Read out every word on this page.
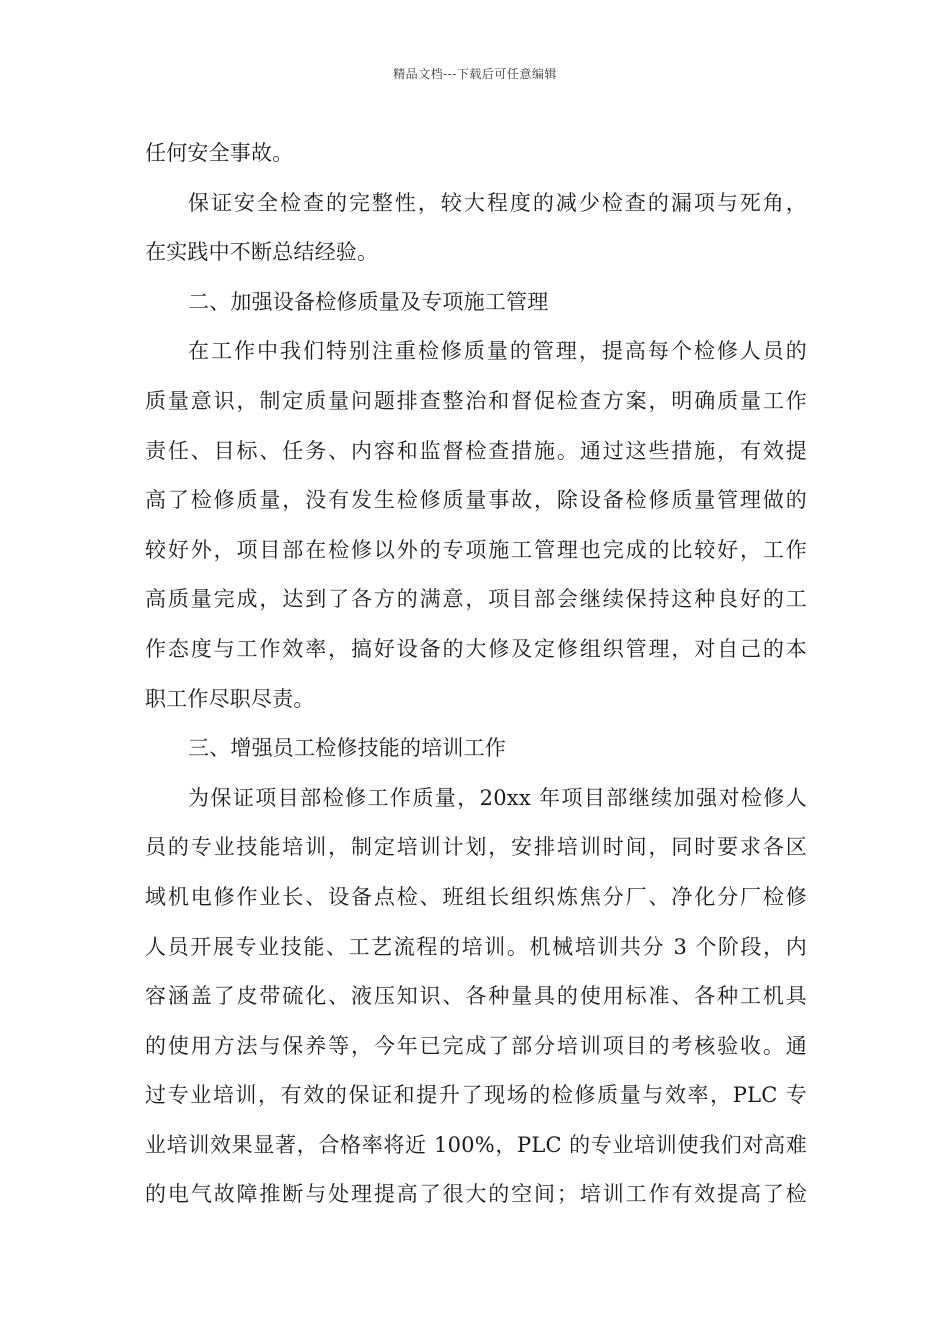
精品文档---下载后可任意编辑
任何安全事故。
保证安全检查的完整性，较大程度的减少检查的漏项与死角，
在实践中不断总结经验。
二、加强设备检修质量及专项施工管理
在工作中我们特别注重检修质量的管理，提高每个检修人员的
质量意识，制定质量问题排查整治和督促检查方案，明确质量工作
责任、目标、任务、内容和监督检查措施。通过这些措施，有效提
高了检修质量，没有发生检修质量事故，除设备检修质量管理做的
较好外，项目部在检修以外的专项施工管理也完成的比较好，工作
高质量完成，达到了各方的满意，项目部会继续保持这种良好的工
作态度与工作效率，搞好设备的大修及定修组织管理，对自己的本
职工作尽职尽责。
三、增强员工检修技能的培训工作
为保证项目部检修工作质量，20xx 年项目部继续加强对检修人
员的专业技能培训，制定培训计划，安排培训时间，同时要求各区
域机电修作业长、设备点检、班组长组织炼焦分厂、净化分厂检修
人员开展专业技能、工艺流程的培训。机械培训共分 3 个阶段，内
容涵盖了皮带硫化、液压知识、各种量具的使用标准、各种工机具
的使用方法与保养等，今年已完成了部分培训项目的考核验收。通
过专业培训，有效的保证和提升了现场的检修质量与效率，PLC 专
业培训效果显著，合格率将近 100%，PLC 的专业培训使我们对高难
的电气故障推断与处理提高了很大的空间；培训工作有效提高了检
